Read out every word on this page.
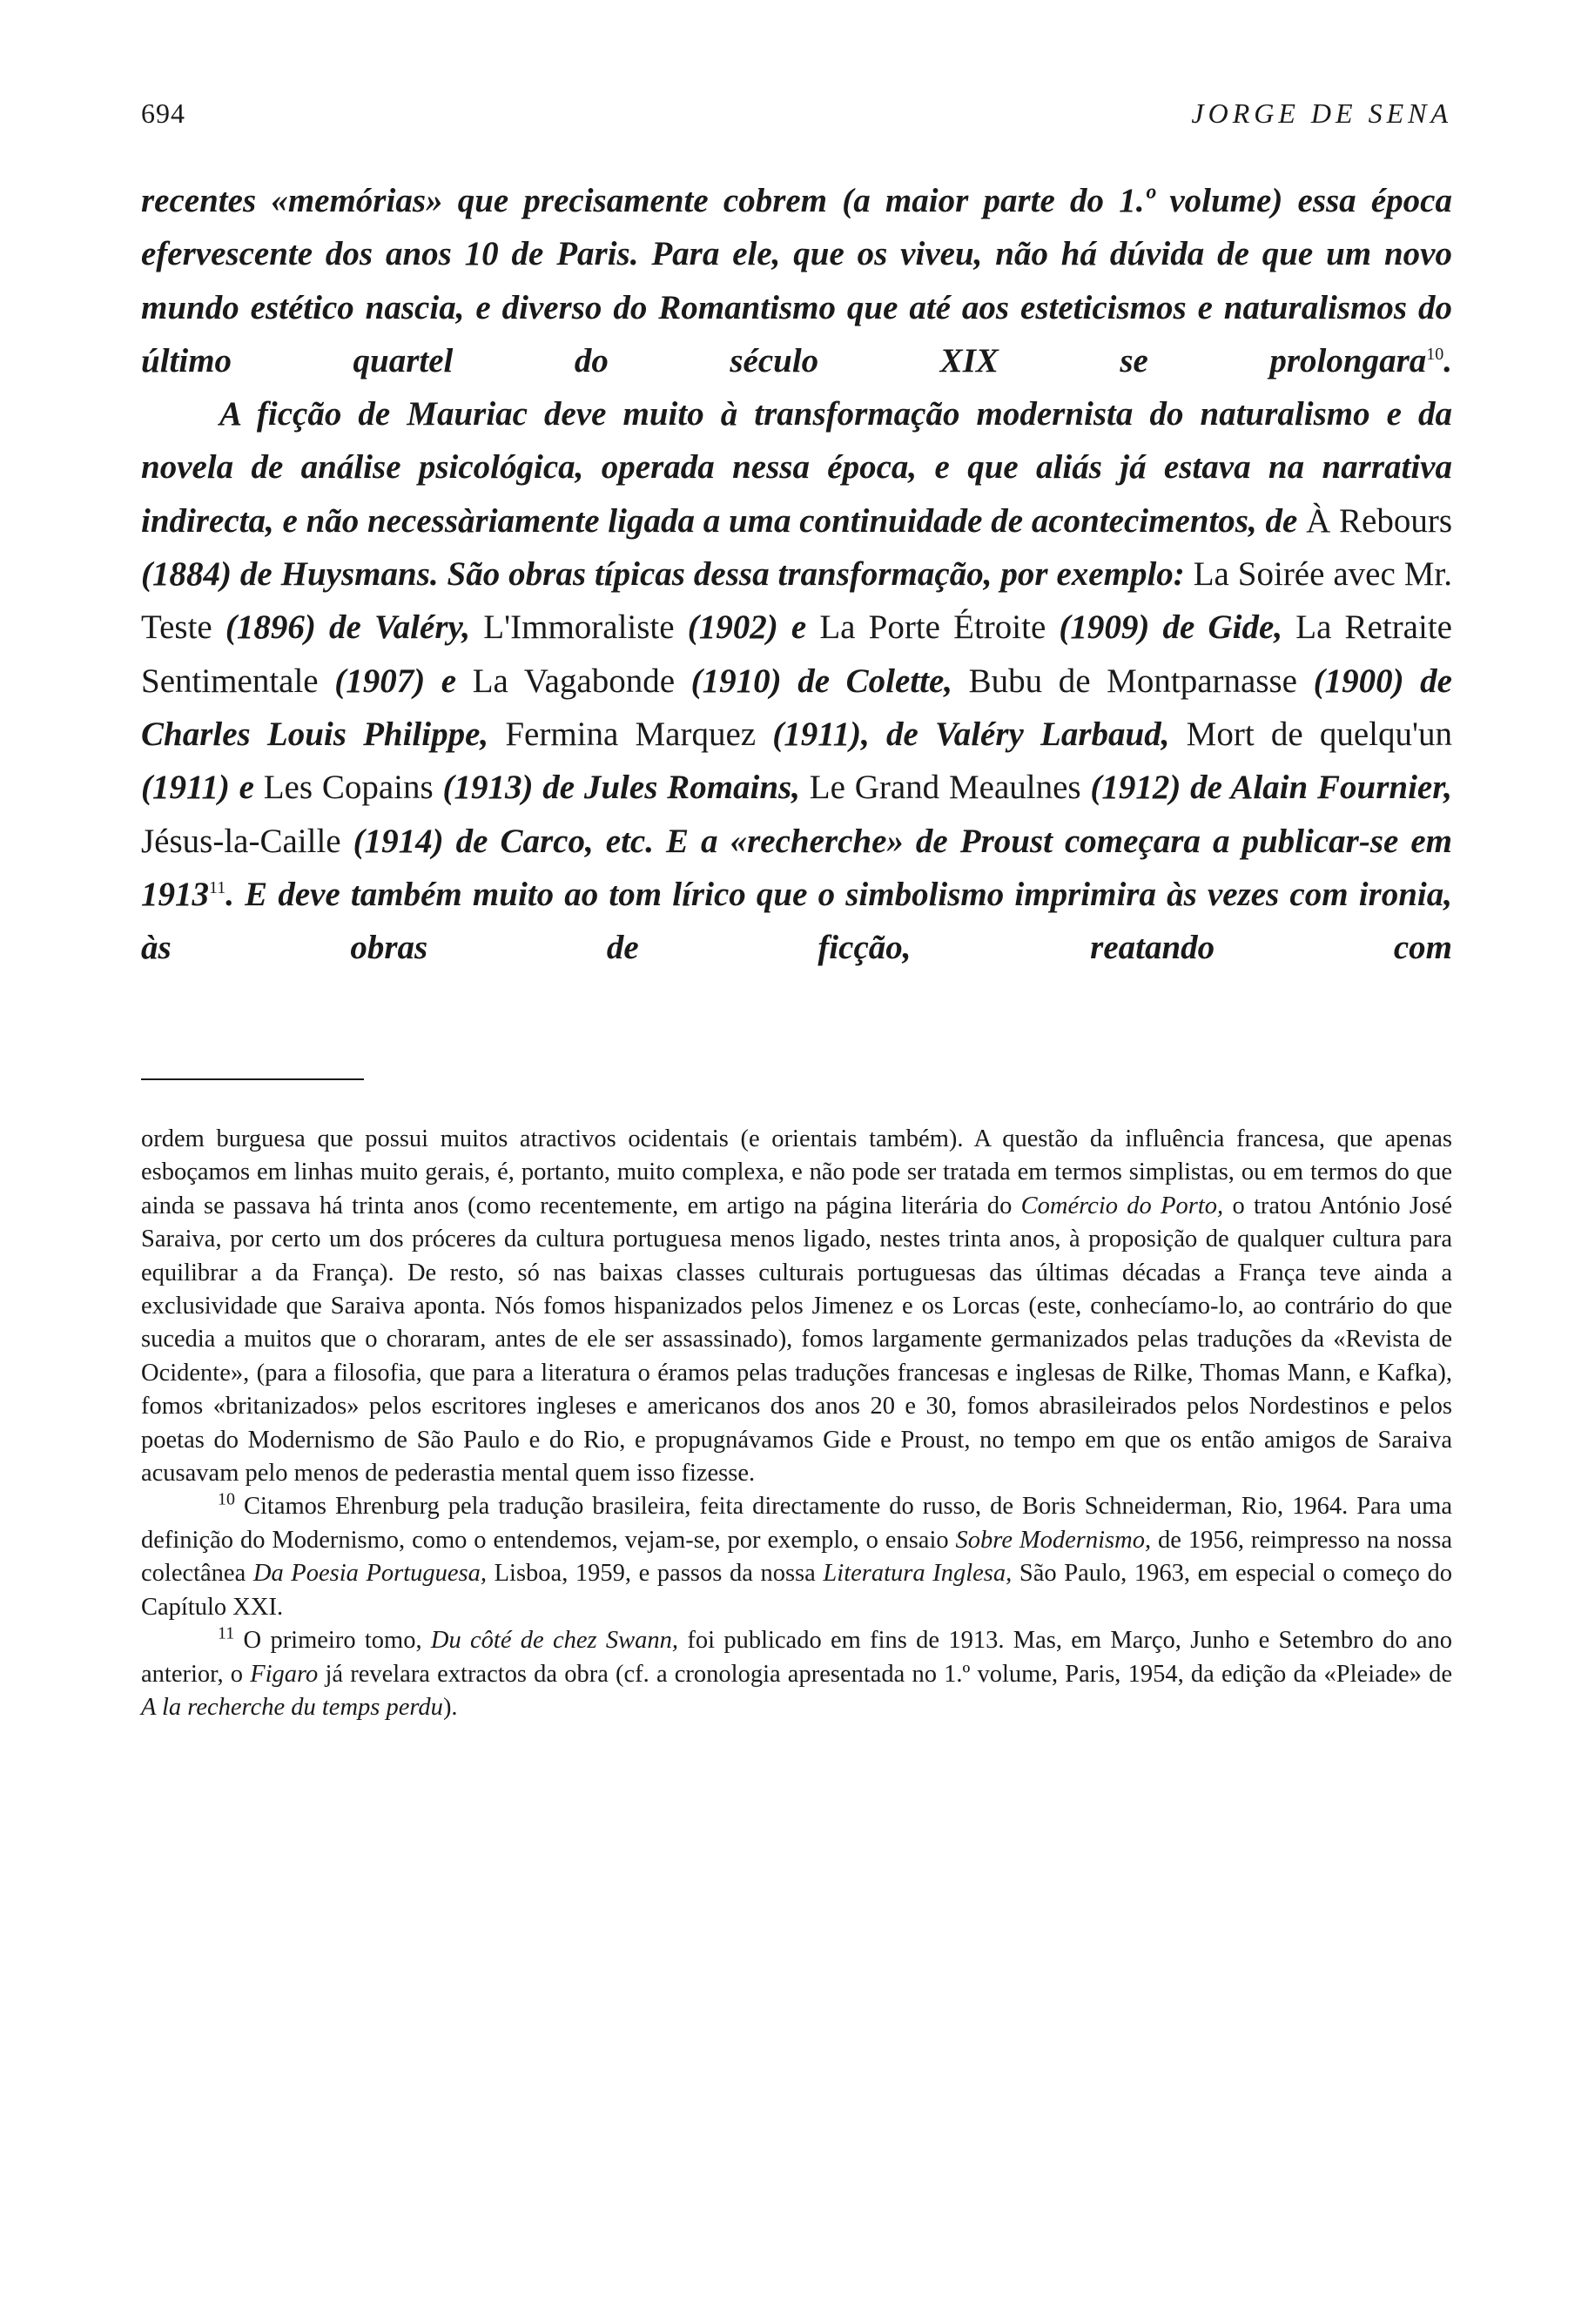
694	JORGE DE SENA

recentes «memórias» que precisamente cobrem (a maior parte do 1.º volume) essa época efervescente dos anos 10 de Paris. Para ele, que os viveu, não há dúvida de que um novo mundo estético nascia, e diverso do Romantismo que até aos esteticismos e naturalismos do último quartel do século XIX se prolongara$^{10}$.

A ficção de Mauriac deve muito à transformação modernista do naturalismo e da novela de análise psicológica, operada nessa época, e que aliás já estava na narrativa indirecta, e não necessàriamente ligada a uma continuidade de acontecimentos, de À Rebours (1884) de Huysmans. São obras típicas dessa transformação, por exemplo: La Soirée avec Mr. Teste (1896) de Valéry, L'Immoraliste (1902) e La Porte Étroite (1909) de Gide, La Retraite Sentimentale (1907) e La Vagabonde (1910) de Colette, Bubu de Montparnasse (1900) de Charles Louis Philippe, Fermina Marquez (1911), de Valéry Larbaud, Mort de quelqu'un (1911) e Les Copains (1913) de Jules Romains, Le Grand Meaulnes (1912) de Alain Fournier, Jésus-la-Caille (1914) de Carco, etc. E a «recherche» de Proust começara a publicar-se em 1913$^{11}$. E deve também muito ao tom lírico que o simbolismo imprimira às vezes com ironia, às obras de ficção, reatando com

ordem burguesa que possui muitos atractivos ocidentais (e orientais também). A questão da influência francesa, que apenas esboçamos em linhas muito gerais, é, portanto, muito complexa, e não pode ser tratada em termos simplistas, ou em termos do que ainda se passava há trinta anos (como recentemente, em artigo na página literária do Comércio do Porto, o tratou António José Saraiva, por certo um dos próceres da cultura portuguesa menos ligado, nestes trinta anos, à proposição de qualquer cultura para equilibrar a da França). De resto, só nas baixas classes culturais portuguesas das últimas décadas a França teve ainda a exclusividade que Saraiva aponta. Nós fomos hispanizados pelos Jimenez e os Lorcas (este, conhecíamo-lo, ao contrário do que sucedia a muitos que o choraram, antes de ele ser assassinado), fomos largamente germanizados pelas traduções da «Revista de Ocidente», (para a filosofia, que para a literatura o éramos pelas traduções francesas e inglesas de Rilke, Thomas Mann, e Kafka), fomos «britanizados» pelos escritores ingleses e americanos dos anos 20 e 30, fomos abrasileirados pelos Nordestinos e pelos poetas do Modernismo de São Paulo e do Rio, e propugnávamos Gide e Proust, no tempo em que os então amigos de Saraiva acusavam pelo menos de pederastia mental quem isso fizesse.

$^{10}$ Citamos Ehrenburg pela tradução brasileira, feita directamente do russo, de Boris Schneiderman, Rio, 1964. Para uma definição do Modernismo, como o entendemos, vejam-se, por exemplo, o ensaio Sobre Modernismo, de 1956, reimpresso na nossa colectânea Da Poesia Portuguesa, Lisboa, 1959, e passos da nossa Literatura Inglesa, São Paulo, 1963, em especial o começo do Capítulo XXI.

$^{11}$ O primeiro tomo, Du côté de chez Swann, foi publicado em fins de 1913. Mas, em Março, Junho e Setembro do ano anterior, o Figaro já revelara extractos da obra (cf. a cronologia apresentada no 1.º volume, Paris, 1954, da edição da «Pleiade» de A la recherche du temps perdu).
